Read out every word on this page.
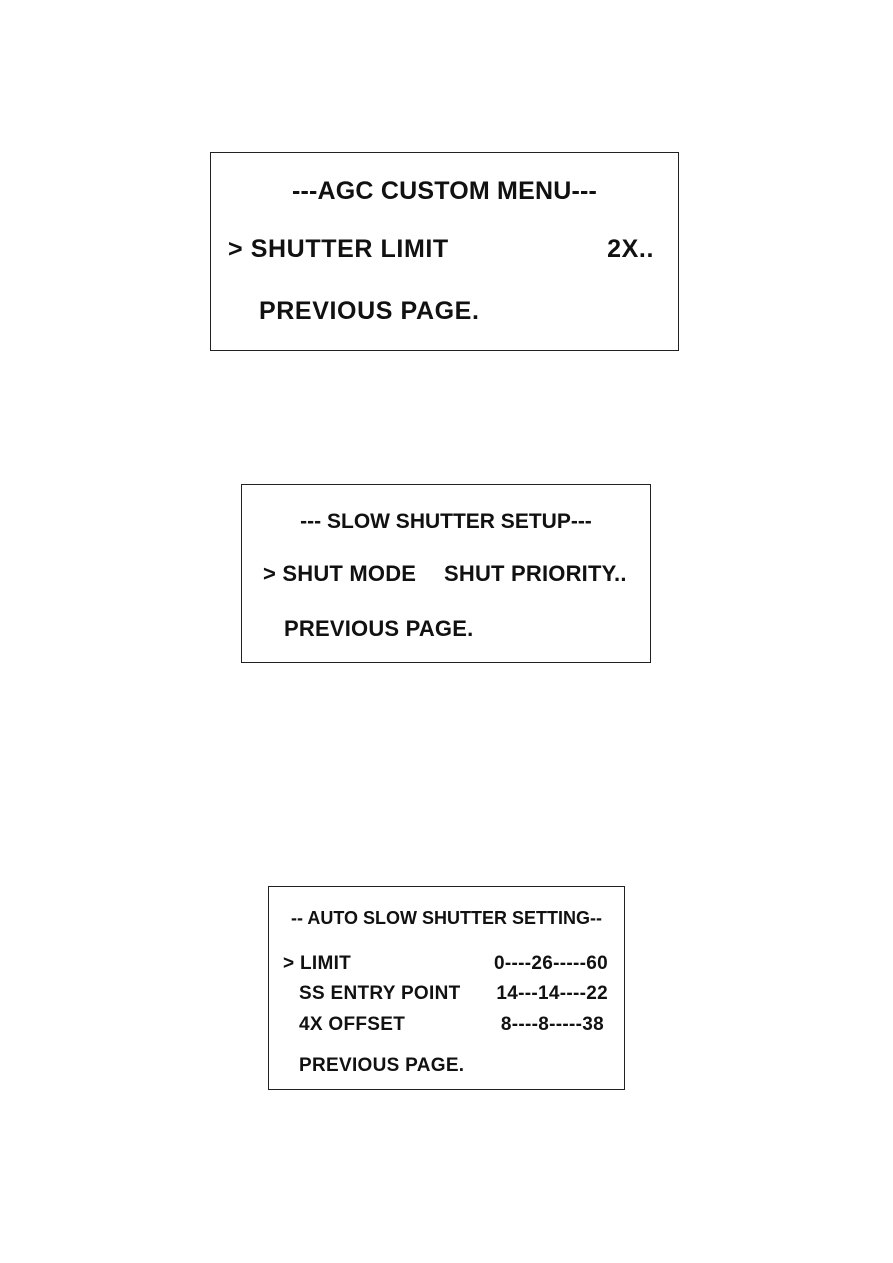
---AGC CUSTOM MENU---
> SHUTTER LIMIT	2X..
PREVIOUS PAGE.
--- SLOW SHUTTER SETUP---
> SHUT MODE SHUT PRIORITY..
PREVIOUS PAGE.
-- AUTO SLOW SHUTTER SETTING--
> LIMIT	0----26-----60
SS ENTRY POINT 14---14----22
4X OFFSET	8----8-----38
PREVIOUS PAGE.
